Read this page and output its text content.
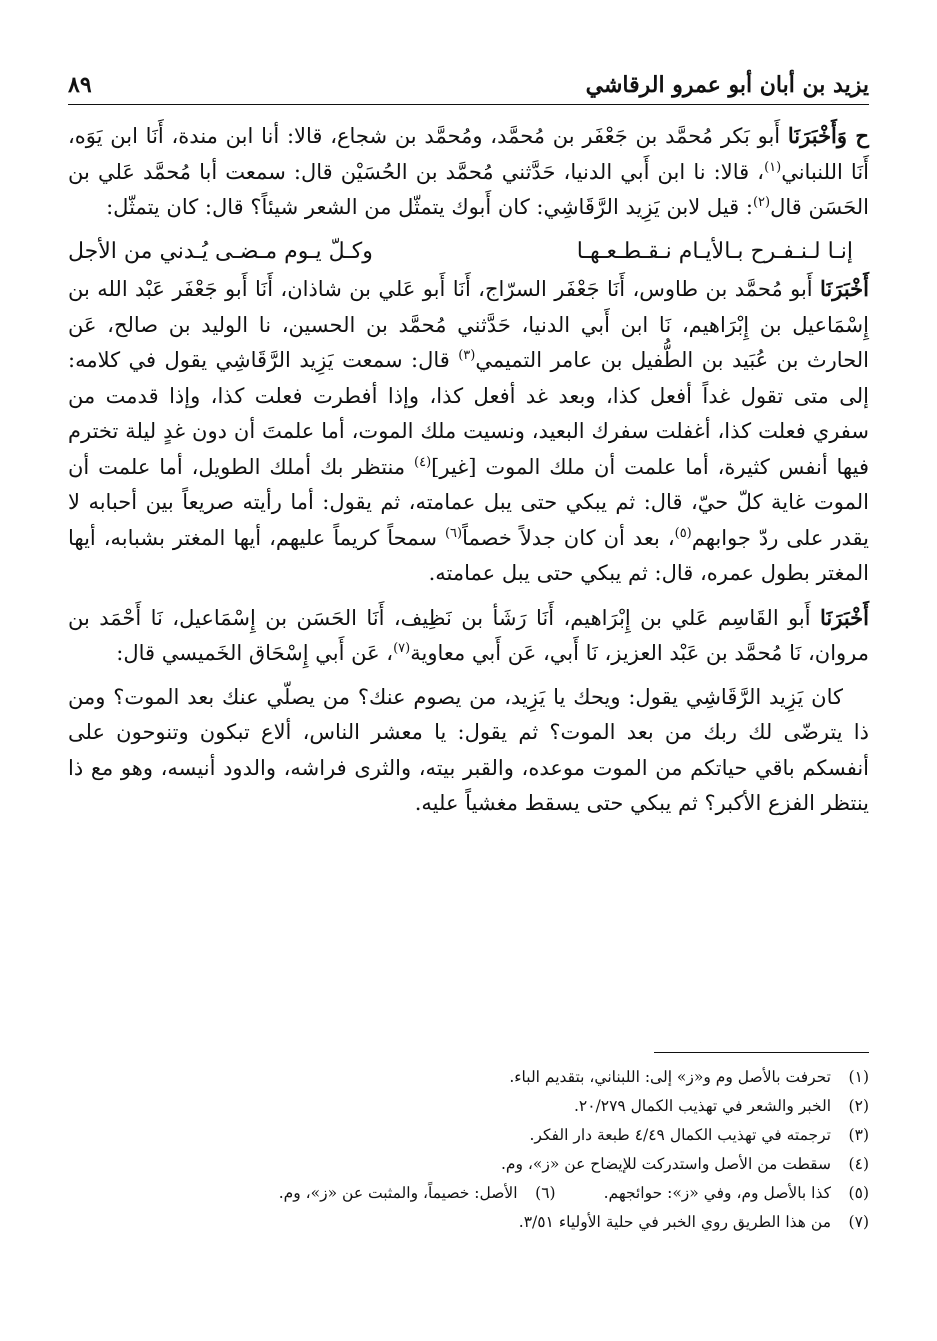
يزيد بن أبان أبو عمرو الرقاشي
٨٩

ح وَأَخْبَرَنَا أَبو بَكر مُحمَّد بن جَعْفَر بن مُحمَّد، ومُحمَّد بن شجاع، قالا: أنا ابن مندة، أَنَا ابن يَوَه، أَنَا اللنباني$^{(١)}$، قالا: نا ابن أَبي الدنيا، حَدَّثني مُحمَّد بن الحُسَيْن قال: سمعت أبا مُحمَّد عَلي بن الحَسَن قال$^{(٢)}$: قيل لابن يَزِيد الرَّقَاشِي: كان أَبوك يتمثّل من الشعر شيئاً؟ قال: كان يتمثّل:

إنـا لـنـفـرح بـالأيـام نـقـطـعـهـا
وكـلّ يـوم مـضـى يُـدني من الأجل

أَخْبَرَنَا أَبو مُحمَّد بن طاوس، أَنَا جَعْفَر السرّاج، أَنَا أَبو عَلي بن شاذان، أَنَا أَبو جَعْفَر عَبْد الله بن إِسْمَاعيل بن إِبْرَاهيم، نَا ابن أَبي الدنيا، حَدَّثني مُحمَّد بن الحسين، نا الوليد بن صالح، عَن الحارث بن عُبَيد بن الطُّفيل بن عامر التميمي$^{(٣)}$ قال: سمعت يَزِيد الرَّقَاشِي يقول في كلامه: إلى متى تقول غداً أفعل كذا، وبعد غد أفعل كذا، وإذا أفطرت فعلت كذا، وإذا قدمت من سفري فعلت كذا، أغفلت سفرك البعيد، ونسيت ملك الموت، أما علمتَ أن دون غدٍ ليلة تخترم فيها أنفس كثيرة، أما علمت أن ملك الموت [غير]$^{(٤)}$ منتظر بك أملك الطويل، أما علمت أن الموت غاية كلّ حيّ، قال: ثم يبكي حتى يبل عمامته، ثم يقول: أما رأيته صريعاً بين أحبابه لا يقدر على ردّ جوابهم$^{(٥)}$، بعد أن كان جدلاً خصماً$^{(٦)}$ سمحاً كريماً عليهم، أيها المغتر بشبابه، أيها المغتر بطول عمره، قال: ثم يبكي حتى يبل عمامته.

أَخْبَرَنَا أَبو القَاسِم عَلي بن إِبْرَاهيم، أَنَا رَشَأ بن نَظِيف، أَنَا الحَسَن بن إِسْمَاعيل، نَا أَحْمَد بن مروان، نَا مُحمَّد بن عَبْد العزيز، نَا أَبي، عَن أَبي معاوية$^{(٧)}$، عَن أَبي إِسْحَاق الخَميسي قال:

كان يَزِيد الرَّقَاشِي يقول: ويحك يا يَزِيد، من يصوم عنك؟ من يصلّي عنك بعد الموت؟ ومن ذا يترضّى لك ربك من بعد الموت؟ ثم يقول: يا معشر الناس، ألاع تبكون وتنوحون على أنفسكم باقي حياتكم من الموت موعده، والقبر بيته، والثرى فراشه، والدود أنيسه، وهو مع ذا ينتظر الفزع الأكبر؟ ثم يبكي حتى يسقط مغشياً عليه.

(١)
تحرفت بالأصل وم و«ز» إلى: اللبناني، بتقديم الباء.
(٢)
الخبر والشعر في تهذيب الكمال ٢٠/٢٧٩.
(٣)
ترجمته في تهذيب الكمال ٤/٤٩ طبعة دار الفكر.
(٤)
سقطت من الأصل واستدركت للإيضاح عن «ز»، وم.
(٥)
كذا بالأصل وم، وفي «ز»: حوائجهم.
(٦)
الأصل: خصيماً، والمثبت عن «ز»، وم.
(٧)
من هذا الطريق روي الخبر في حلية الأولياء ٣/٥١.
